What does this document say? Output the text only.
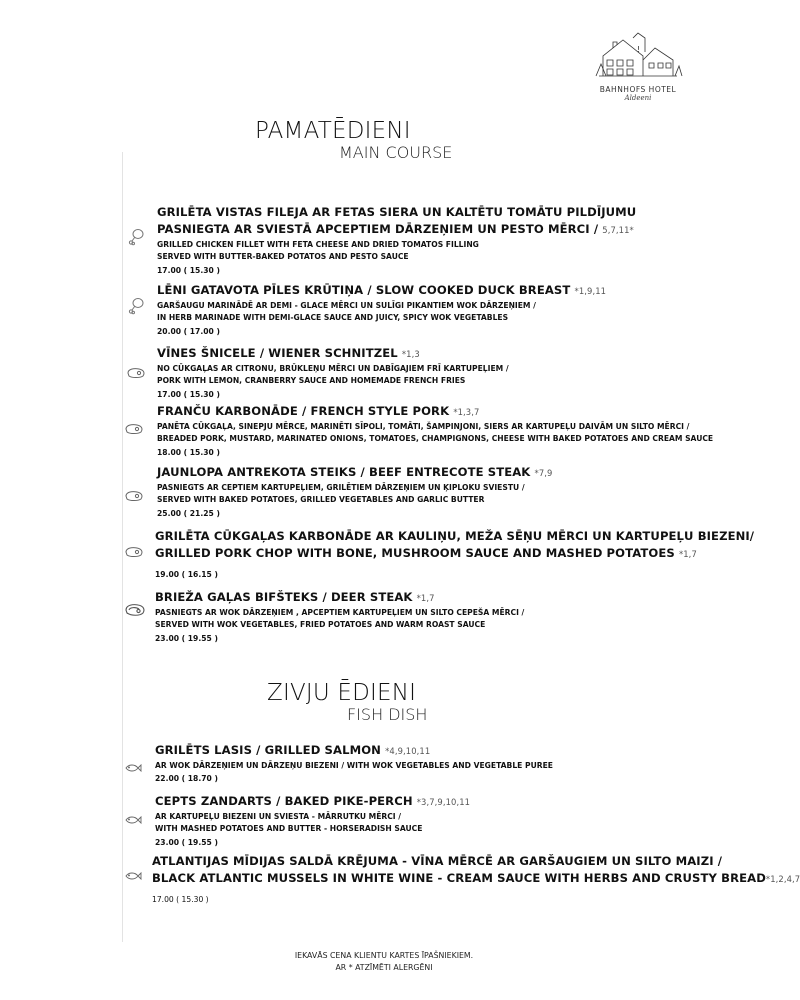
!
BAHNHOFS HOTEL
Aldeeni
PAMATĒDIENI
MAIN COURSE
ZIVJU ĒDIENI
FISH DISH
GRILĒTA VISTAS FILEJA AR FETAS SIERA UN KALTĒTU TOMĀTU PILDĪJUMU
PASNIEGTA AR SVIESTĀ APCEPTIEM DĀRZEŅIEM UN PESTO MĒRCI / 5,7,11*
GRILLED CHICKEN FILLET WITH FETA CHEESE AND DRIED TOMATOS FILLING
SERVED WITH BUTTER-BAKED POTATOS AND PESTO SAUCE
17.00 ( 15.30 )
LĒNI GATAVOTA PĪLES KRŪTIŅA / SLOW COOKED DUCK BREAST *1,9,11
GARŠAUGU MARINĀDĒ AR DEMI - GLACE MĒRCI UN SULĪGI PIKANTIEM WOK DĀRZEŅIEM /
IN HERB MARINADE WITH DEMI-GLACE SAUCE AND JUICY, SPICY WOK VEGETABLES
20.00 ( 17.00 )
VĪNES ŠNICELE / WIENER SCHNITZEL *1,3
NO CŪKGAĻAS AR CITRONU, BRŪKLEŅU MĒRCI UN DABĪGAJIEM FRĪ KARTUPEĻIEM /
PORK WITH LEMON, CRANBERRY SAUCE AND HOMEMADE FRENCH FRIES
17.00 ( 15.30 )
FRANČU KARBONĀDE / FRENCH STYLE PORK *1,3,7
PANĒTA CŪKGAĻA, SINEPJU MĒRCE, MARINĒTI SĪPOLI, TOMĀTI, ŠAMPINJONI, SIERS AR KARTUPEĻU DAIVĀM UN SILTO MĒRCI /
BREADED PORK, MUSTARD, MARINATED ONIONS, TOMATOES, CHAMPIGNONS, CHEESE WITH BAKED POTATOES AND CREAM SAUCE
18.00 ( 15.30 )
JAUNLOPA ANTREKOTA STEIKS / BEEF ENTRECOTE STEAK *7,9
PASNIEGTS AR CEPTIEM KARTUPEĻIEM, GRILĒTIEM DĀRZEŅIEM UN ĶIPLOKU SVIESTU /
SERVED WITH BAKED POTATOES, GRILLED VEGETABLES AND GARLIC BUTTER
25.00 ( 21.25 )
GRILĒTA CŪKGAĻAS KARBONĀDE AR KAULIŅU, MEŽA SĒŅU MĒRCI UN KARTUPEĻU BIEZENI/
GRILLED PORK CHOP WITH BONE, MUSHROOM SAUCE AND MASHED POTATOES *1,7
19.00 ( 16.15 )
BRIEŽA GAĻAS BIFŠTEKS / DEER STEAK *1,7
PASNIEGTS AR WOK DĀRZEŅIEM , APCEPTIEM KARTUPEĻIEM UN SILTO CEPEŠA MĒRCI /
SERVED WITH WOK VEGETABLES, FRIED POTATOES AND WARM ROAST SAUCE
23.00 ( 19.55 )
GRILĒTS LASIS / GRILLED SALMON *4,9,10,11
AR WOK DĀRZEŅIEM UN DĀRZEŅU BIEZENI / WITH WOK VEGETABLES AND VEGETABLE PUREE
22.00 ( 18.70 )
CEPTS ZANDARTS / BAKED PIKE-PERCH *3,7,9,10,11
AR KARTUPEĻU BIEZENI UN SVIESTA - MĀRRUTKU MĒRCI /
WITH MASHED POTATOES AND BUTTER - HORSERADISH SAUCE
23.00 ( 19.55 )
ATLANTIJAS MĪDIJAS SALDĀ KRĒJUMA - VĪNA MĒRCĒ AR GARŠAUGIEM UN SILTO MAIZI /
BLACK ATLANTIC MUSSELS IN WHITE WINE - CREAM SAUCE WITH HERBS AND CRUSTY BREAD*1,2,4,7
17.00 ( 15.30 )
IEKAVĀS CENA KLIENTU KARTES ĪPAŠNIEKIEM.
AR * ATZĪMĒTI ALERGĒNI
